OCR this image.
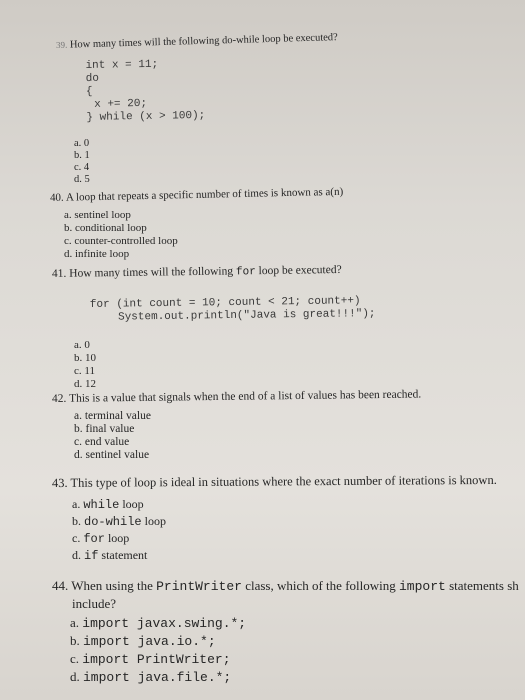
39. How many times will the following do-while loop be executed?
int x = 11;
do
{
x += 20;
} while (x > 100);
a. 0
b. 1
c. 4
d. 5
40. A loop that repeats a specific number of times is known as a(n)
a. sentinel loop
b. conditional loop
c. counter-controlled loop
d. infinite loop
41. How many times will the following for loop be executed?
for (int count = 10; count < 21; count++)
System.out.println("Java is great!!!");
a. 0
b. 10
c. 11
d. 12
42. This is a value that signals when the end of a list of values has been reached.
a. terminal value
b. final value
c. end value
d. sentinel value
43. This type of loop is ideal in situations where the exact number of iterations is known.
a. while loop
b. do-while loop
c. for loop
d. if statement
44. When using the PrintWriter class, which of the following import statements sh
include?
a. import javax.swing.*;
b. import java.io.*;
c. import PrintWriter;
d. import java.file.*;
